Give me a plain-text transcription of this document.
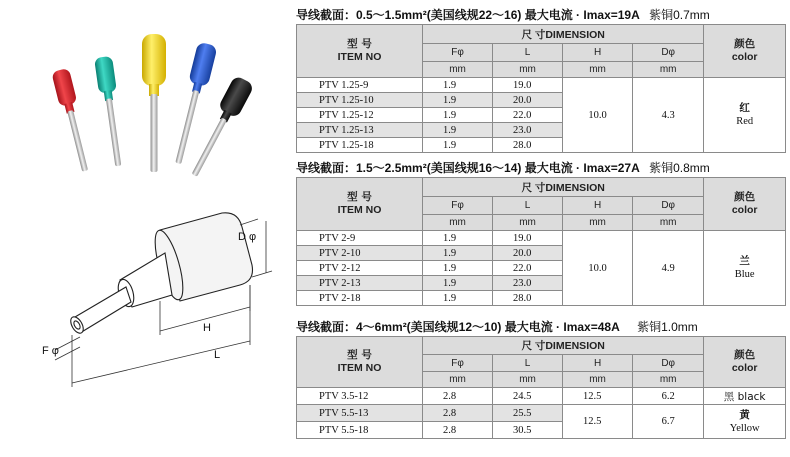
D φ
H
L
F φ
导线截面：0.5～1.5mm²(美国线规22～16) 最大电流 · Imax=19A 紫铜0.7mm
型 号
ITEM NO	尺 寸DIMENSION				颜色
color

	Fφ	L	H	Dφ	
	mm	mm	mm	mm	
PTV 1.25-9	1.9	19.0	10.0	4.3	红
Red

PTV 1.25-10	1.9	20.0			
PTV 1.25-12	1.9	22.0			
PTV 1.25-13	1.9	23.0			
PTV 1.25-18	1.9	28.0			
导线截面：1.5～2.5mm²(美国线规16～14) 最大电流 · Imax=27A 紫铜0.8mm
型 号
ITEM NO	尺 寸DIMENSION				颜色
color

	Fφ	L	H	Dφ	
	mm	mm	mm	mm	
PTV 2-9	1.9	19.0	10.0	4.9	兰
Blue

PTV 2-10	1.9	20.0			
PTV 2-12	1.9	22.0			
PTV 2-13	1.9	23.0			
PTV 2-18	1.9	28.0			
导线截面：4～6mm²(美国线规12～10) 最大电流 · Imax=48A 紫铜1.0mm
型 号
ITEM NO	尺 寸DIMENSION				颜色
color

	Fφ	L	H	Dφ	
	mm	mm	mm	mm	
PTV 3.5-12	2.8	24.5	12.5	6.2	黑 black
PTV 5.5-13	2.8	25.5	12.5	6.7	黄
Yellow

PTV 5.5-18	2.8	30.5			
